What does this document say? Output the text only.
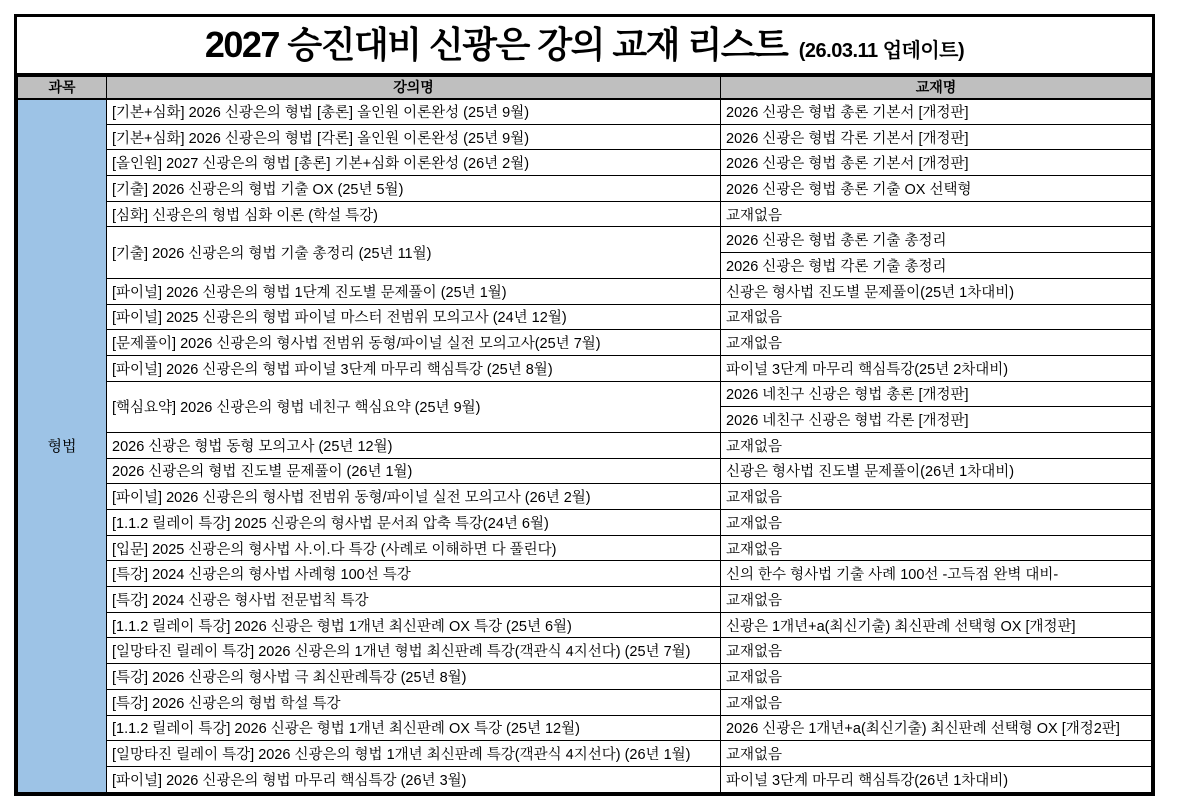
2027 승진대비 신광은 강의 교재 리스트 (26.03.11 업데이트)
과목	강의명	교재명
형법	[기본+심화] 2026 신광은의 형법 [총론] 올인원 이론완성 (25년 9월)	2026 신광은 형법 총론 기본서 [개정판]
	[기본+심화] 2026 신광은의 형법 [각론] 올인원 이론완성 (25년 9월)	2026 신광은 형법 각론 기본서 [개정판]
	[올인원] 2027 신광은의 형법 [총론] 기본+심화 이론완성 (26년 2월)	2026 신광은 형법 총론 기본서 [개정판]
	[기출] 2026 신광은의 형법 기출 OX (25년 5월)	2026 신광은 형법 총론 기출 OX 선택형
	[심화] 신광은의 형법 심화 이론 (학설 특강)	교재없음
	[기출] 2026 신광은의 형법 기출 총정리 (25년 11월)	2026 신광은 형법 총론 기출 총정리
		2026 신광은 형법 각론 기출 총정리
	[파이널] 2026 신광은의 형법 1단계 진도별 문제풀이 (25년 1월)	신광은 형사법 진도별 문제풀이(25년 1차대비)
	[파이널] 2025 신광은의 형법 파이널 마스터 전범위 모의고사 (24년 12월)	교재없음
	[문제풀이] 2026 신광은의 형사법 전범위 동형/파이널 실전 모의고사(25년 7월)	교재없음
	[파이널] 2026 신광은의 형법 파이널 3단계 마무리 핵심특강 (25년 8월)	파이널 3단계 마무리 핵심특강(25년 2차대비)
	[핵심요약] 2026 신광은의 형법 네친구 핵심요약 (25년 9월)	2026 네친구 신광은 형법 총론 [개정판]
		2026 네친구 신광은 형법 각론 [개정판]
	2026 신광은 형법 동형 모의고사 (25년 12월)	교재없음
	2026 신광은의 형법 진도별 문제풀이 (26년 1월)	신광은 형사법 진도별 문제풀이(26년 1차대비)
	[파이널] 2026 신광은의 형사법 전범위 동형/파이널 실전 모의고사 (26년 2월)	교재없음
	[1.1.2 릴레이 특강] 2025 신광은의 형사법 문서죄 압축 특강(24년 6월)	교재없음
	[입문] 2025 신광은의 형사법 사.이.다 특강 (사례로 이해하면 다 풀린다)	교재없음
	[특강] 2024 신광은의 형사법 사례형 100선 특강	신의 한수 형사법 기출 사례 100선 -고득점 완벽 대비-
	[특강] 2024 신광은 형사법 전문법칙 특강	교재없음
	[1.1.2 릴레이 특강] 2026 신광은 형법 1개년 최신판례 OX 특강 (25년 6월)	신광은 1개년+a(최신기출) 최신판례 선택형 OX [개정판]
	[일망타진 릴레이 특강] 2026 신광은의 1개년 형법 최신판례 특강(객관식 4지선다) (25년 7월)	교재없음
	[특강] 2026 신광은의 형사법 극 최신판례특강 (25년 8월)	교재없음
	[특강] 2026 신광은의 형법 학설 특강	교재없음
	[1.1.2 릴레이 특강] 2026 신광은 형법 1개년 최신판례 OX 특강 (25년 12월)	2026 신광은 1개년+a(최신기출) 최신판례 선택형 OX [개정2판]
	[일망타진 릴레이 특강] 2026 신광은의 형법 1개년 최신판례 특강(객관식 4지선다) (26년 1월)	교재없음
	[파이널] 2026 신광은의 형법 마무리 핵심특강 (26년 3월)	파이널 3단계 마무리 핵심특강(26년 1차대비)
